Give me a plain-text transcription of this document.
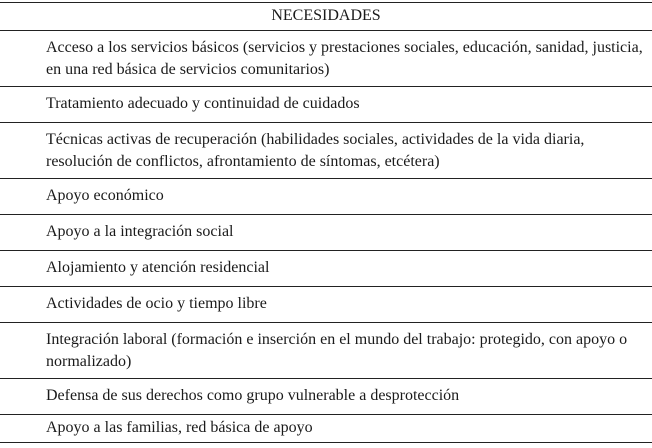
NECESIDADES
Acceso a los servicios básicos (servicios y prestaciones sociales, educación, sanidad, justicia, en una red básica de servicios comunitarios)
Tratamiento adecuado y continuidad de cuidados
Técnicas activas de recuperación (habilidades sociales, actividades de la vida diaria, resolución de conflictos, afrontamiento de síntomas, etcétera)
Apoyo económico
Apoyo a la integración social
Alojamiento y atención residencial
Actividades de ocio y tiempo libre
Integración laboral (formación e inserción en el mundo del trabajo: protegido, con apoyo o normalizado)
Defensa de sus derechos como grupo vulnerable a desprotección
Apoyo a las familias, red básica de apoyo
